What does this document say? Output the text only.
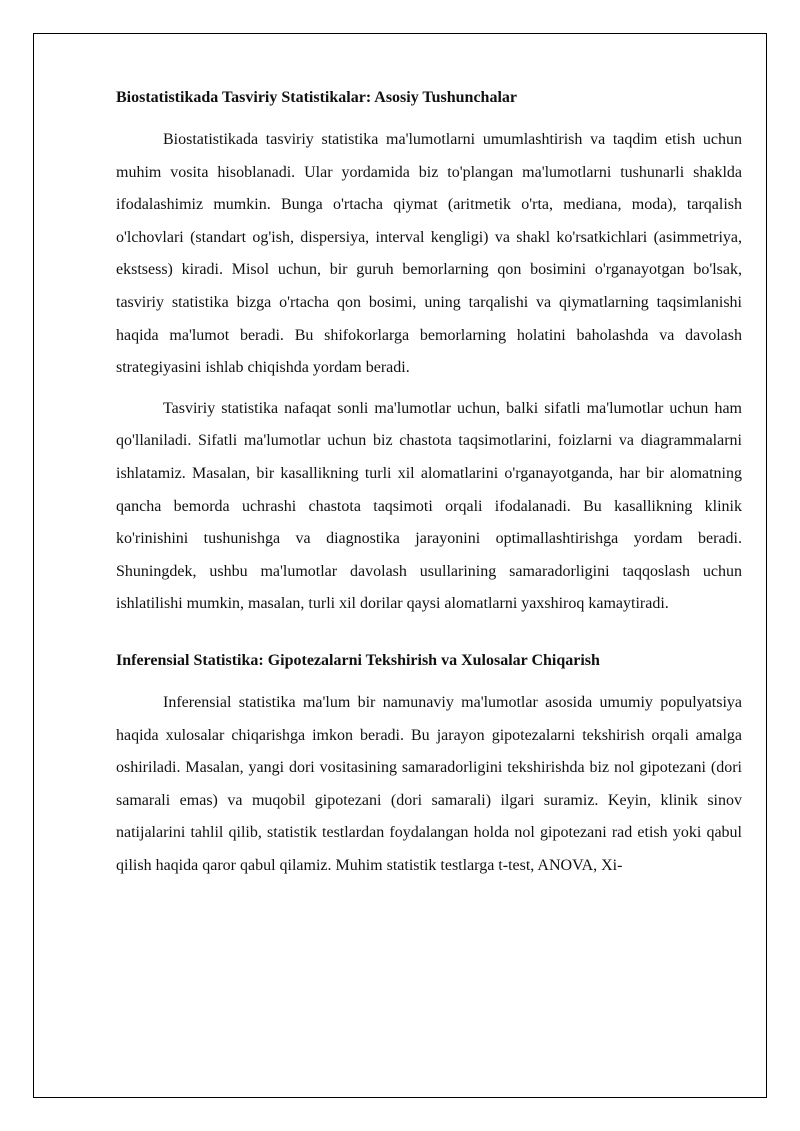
Biostatistikada Tasviriy Statistikalar: Asosiy Tushunchalar

Biostatistikada tasviriy statistika ma'lumotlarni umumlashtirish va taqdim etish uchun muhim vosita hisoblanadi. Ular yordamida biz to'plangan ma'lumotlarni tushunarli shaklda ifodalashimiz mumkin. Bunga o'rtacha qiymat (aritmetik o'rta, mediana, moda), tarqalish o'lchovlari (standart og'ish, dispersiya, interval kengligi) va shakl ko'rsatkichlari (asimmetriya, ekstsess) kiradi. Misol uchun, bir guruh bemorlarning qon bosimini o'rganayotgan bo'lsak, tasviriy statistika bizga o'rtacha qon bosimi, uning tarqalishi va qiymatlarning taqsimlanishi haqida ma'lumot beradi. Bu shifokorlarga bemorlarning holatini baholashda va davolash strategiyasini ishlab chiqishda yordam beradi.

Tasviriy statistika nafaqat sonli ma'lumotlar uchun, balki sifatli ma'lumotlar uchun ham qo'llaniladi. Sifatli ma'lumotlar uchun biz chastota taqsimotlarini, foizlarni va diagrammalarni ishlatamiz. Masalan, bir kasallikning turli xil alomatlarini o'rganayotganda, har bir alomatning qancha bemorda uchrashi chastota taqsimoti orqali ifodalanadi. Bu kasallikning klinik ko'rinishini tushunishga va diagnostika jarayonini optimallashtirishga yordam beradi. Shuningdek, ushbu ma'lumotlar davolash usullarining samaradorligini taqqoslash uchun ishlatilishi mumkin, masalan, turli xil dorilar qaysi alomatlarni yaxshiroq kamaytiradi.

Inferensial Statistika: Gipotezalarni Tekshirish va Xulosalar Chiqarish

Inferensial statistika ma'lum bir namunaviy ma'lumotlar asosida umumiy populyatsiya haqida xulosalar chiqarishga imkon beradi. Bu jarayon gipotezalarni tekshirish orqali amalga oshiriladi. Masalan, yangi dori vositasining samaradorligini tekshirishda biz nol gipotezani (dori samarali emas) va muqobil gipotezani (dori samarali) ilgari suramiz. Keyin, klinik sinov natijalarini tahlil qilib, statistik testlardan foydalangan holda nol gipotezani rad etish yoki qabul qilish haqida qaror qabul qilamiz. Muhim statistik testlarga t-test, ANOVA, Xi-
